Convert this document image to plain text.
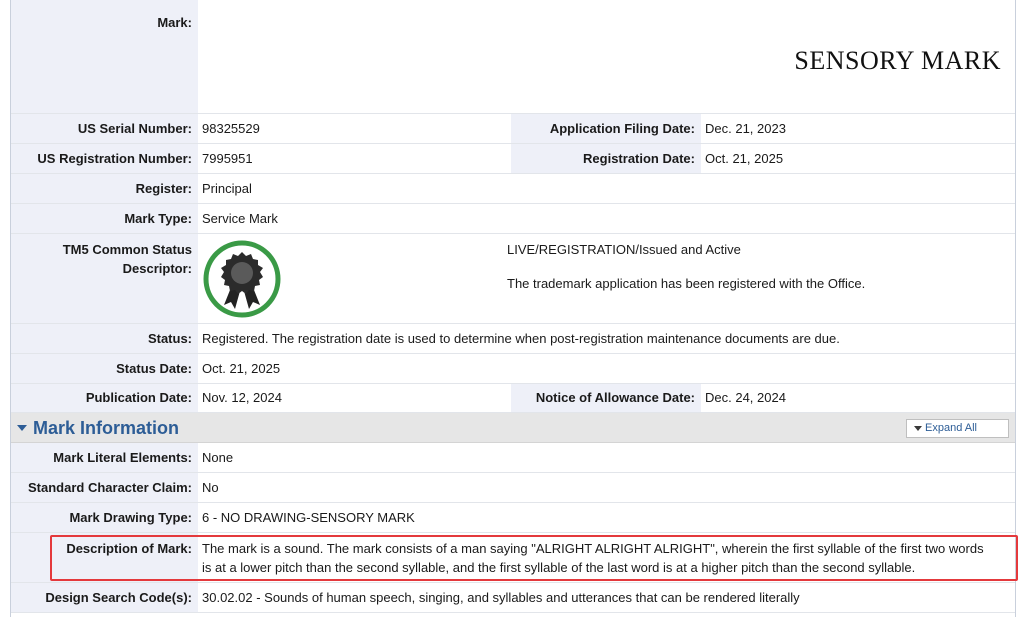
Mark:
SENSORY MARK
US Serial Number: 98325529	Application Filing Date: Dec. 21, 2023
US Registration Number: 7995951	Registration Date: Oct. 21, 2025
Register: Principal
Mark Type: Service Mark
TM5 Common Status
Descriptor:
LIVE/REGISTRATION/Issued and Active
The trademark application has been registered with the Office.
Status: Registered. The registration date is used to determine when post-registration maintenance documents are due.
Status Date: Oct. 21, 2025
Publication Date: Nov. 12, 2024	Notice of Allowance Date: Dec. 24, 2024
Mark Information	Expand All
Mark Literal Elements: None
Standard Character Claim: No
Mark Drawing Type: 6 - NO DRAWING-SENSORY MARK
Description of Mark: The mark is a sound. The mark consists of a man saying "ALRIGHT ALRIGHT ALRIGHT", wherein the first syllable of the first two words
is at a lower pitch than the second syllable, and the first syllable of the last word is at a higher pitch than the second syllable.
Design Search Code(s): 30.02.02 - Sounds of human speech, singing, and syllables and utterances that can be rendered literally
